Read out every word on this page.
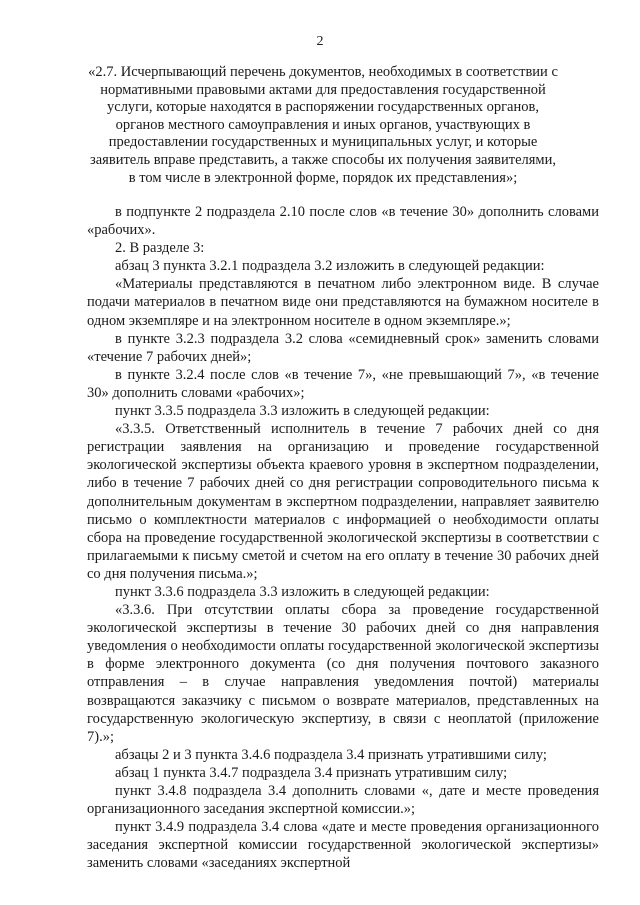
2
«2.7. Исчерпывающий перечень документов, необходимых в соответствии с нормативными правовыми актами для предоставления государственной услуги, которые находятся в распоряжении государственных органов, органов местного самоуправления и иных органов, участвующих в предоставлении государственных и муниципальных услуг, и которые заявитель вправе представить, а также способы их получения заявителями, в том числе в электронной форме, порядок их представления»;

в подпункте 2 подраздела 2.10 после слов «в течение 30» дополнить словами «рабочих».

2. В разделе 3:

абзац 3 пункта 3.2.1 подраздела 3.2 изложить в следующей редакции:

«Материалы представляются в печатном либо электронном виде. В случае подачи материалов в печатном виде они представляются на бумажном носителе в одном экземпляре и на электронном носителе в одном экземпляре.»;

в пункте 3.2.3 подраздела 3.2 слова «семидневный срок» заменить словами «течение 7 рабочих дней»;

в пункте 3.2.4 после слов «в течение 7», «не превышающий 7», «в течение 30» дополнить словами «рабочих»;

пункт 3.3.5 подраздела 3.3 изложить в следующей редакции:

«3.3.5. Ответственный исполнитель в течение 7 рабочих дней со дня регистрации заявления на организацию и проведение государственной экологической экспертизы объекта краевого уровня в экспертном подразделении, либо в течение 7 рабочих дней со дня регистрации сопроводительного письма к дополнительным документам в экспертном подразделении, направляет заявителю письмо о комплектности материалов с информацией о необходимости оплаты сбора на проведение государственной экологической экспертизы в соответствии с прилагаемыми к письму сметой и счетом на его оплату в течение 30 рабочих дней со дня получения письма.»;

пункт 3.3.6 подраздела 3.3 изложить в следующей редакции:

«3.3.6. При отсутствии оплаты сбора за проведение государственной экологической экспертизы в течение 30 рабочих дней со дня направления уведомления о необходимости оплаты государственной экологической экспертизы в форме электронного документа (со дня получения почтового заказного отправления – в случае направления уведомления почтой) материалы возвращаются заказчику с письмом о возврате материалов, представленных на государственную экологическую экспертизу, в связи с неоплатой (приложение 7).»;

абзацы 2 и 3 пункта 3.4.6 подраздела 3.4 признать утратившими силу;

абзац 1 пункта 3.4.7 подраздела 3.4 признать утратившим силу;

пункт 3.4.8 подраздела 3.4 дополнить словами «, дате и месте проведения организационного заседания экспертной комиссии.»;

пункт 3.4.9 подраздела 3.4 слова «дате и месте проведения организационного заседания экспертной комиссии государственной экологической экспертизы» заменить словами «заседаниях экспертной
